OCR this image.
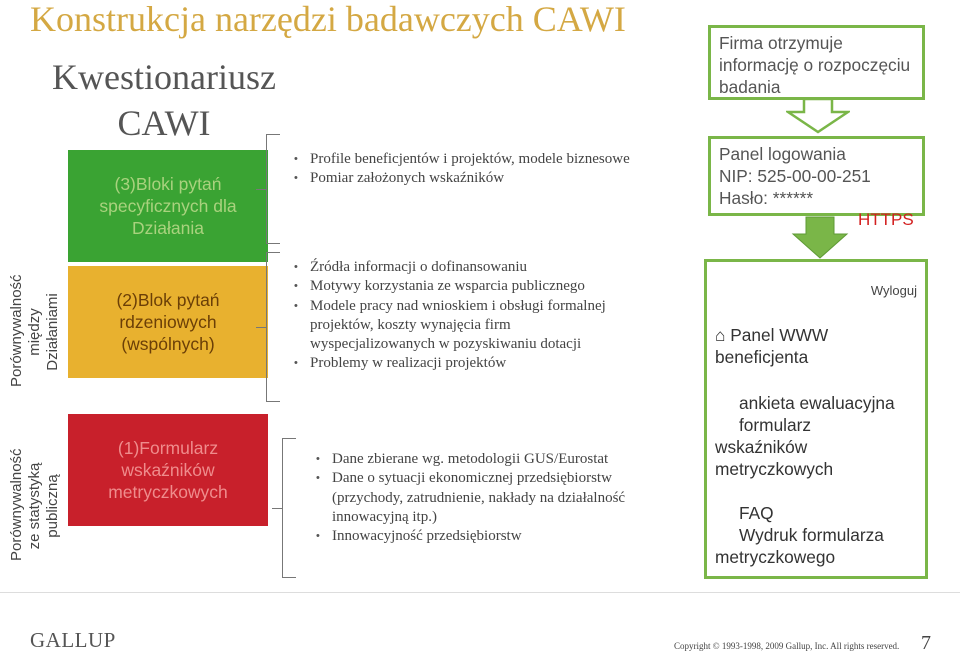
Konstrukcja narzędzi badawczych CAWI
Kwestionariusz CAWI
(3)Bloki pytań specyficznych dla Działania
(2)Blok pytań rdzeniowych (wspólnych)
(1)Formularz wskaźników metryczkowych
Porównywalność między Działaniami
Porównywalność ze statystyką publiczną
• Profile beneficjentów i projektów, modele biznesowe
• Pomiar założonych wskaźników
• Źródła informacji o dofinansowaniu
• Motywy korzystania ze wsparcia publicznego
• Modele pracy nad wnioskiem i obsługi formalnej projektów, koszty wynajęcia firm wyspecjalizowanych w pozyskiwaniu dotacji
• Problemy w realizacji projektów
• Dane zbierane wg. metodologii GUS/Eurostat
• Dane o sytuacji ekonomicznej przedsiębiorstw (przychody, zatrudnienie, nakłady na działalność innowacyjną itp.)
• Innowacyjność przedsiębiorstw
Firma otrzymuje informację o rozpoczęciu badania
Panel logowania
NIP: 525-00-00-251
Hasło: ******
HTTPS
Wyloguj
⌂ Panel WWW beneficjenta
ankieta ewaluacyjna
formularz
wskaźników metryczkowych
FAQ
Wydruk formularza
metryczkowego
GALLUP	Copyright © 1993-1998, 2009 Gallup, Inc. All rights reserved. 7
